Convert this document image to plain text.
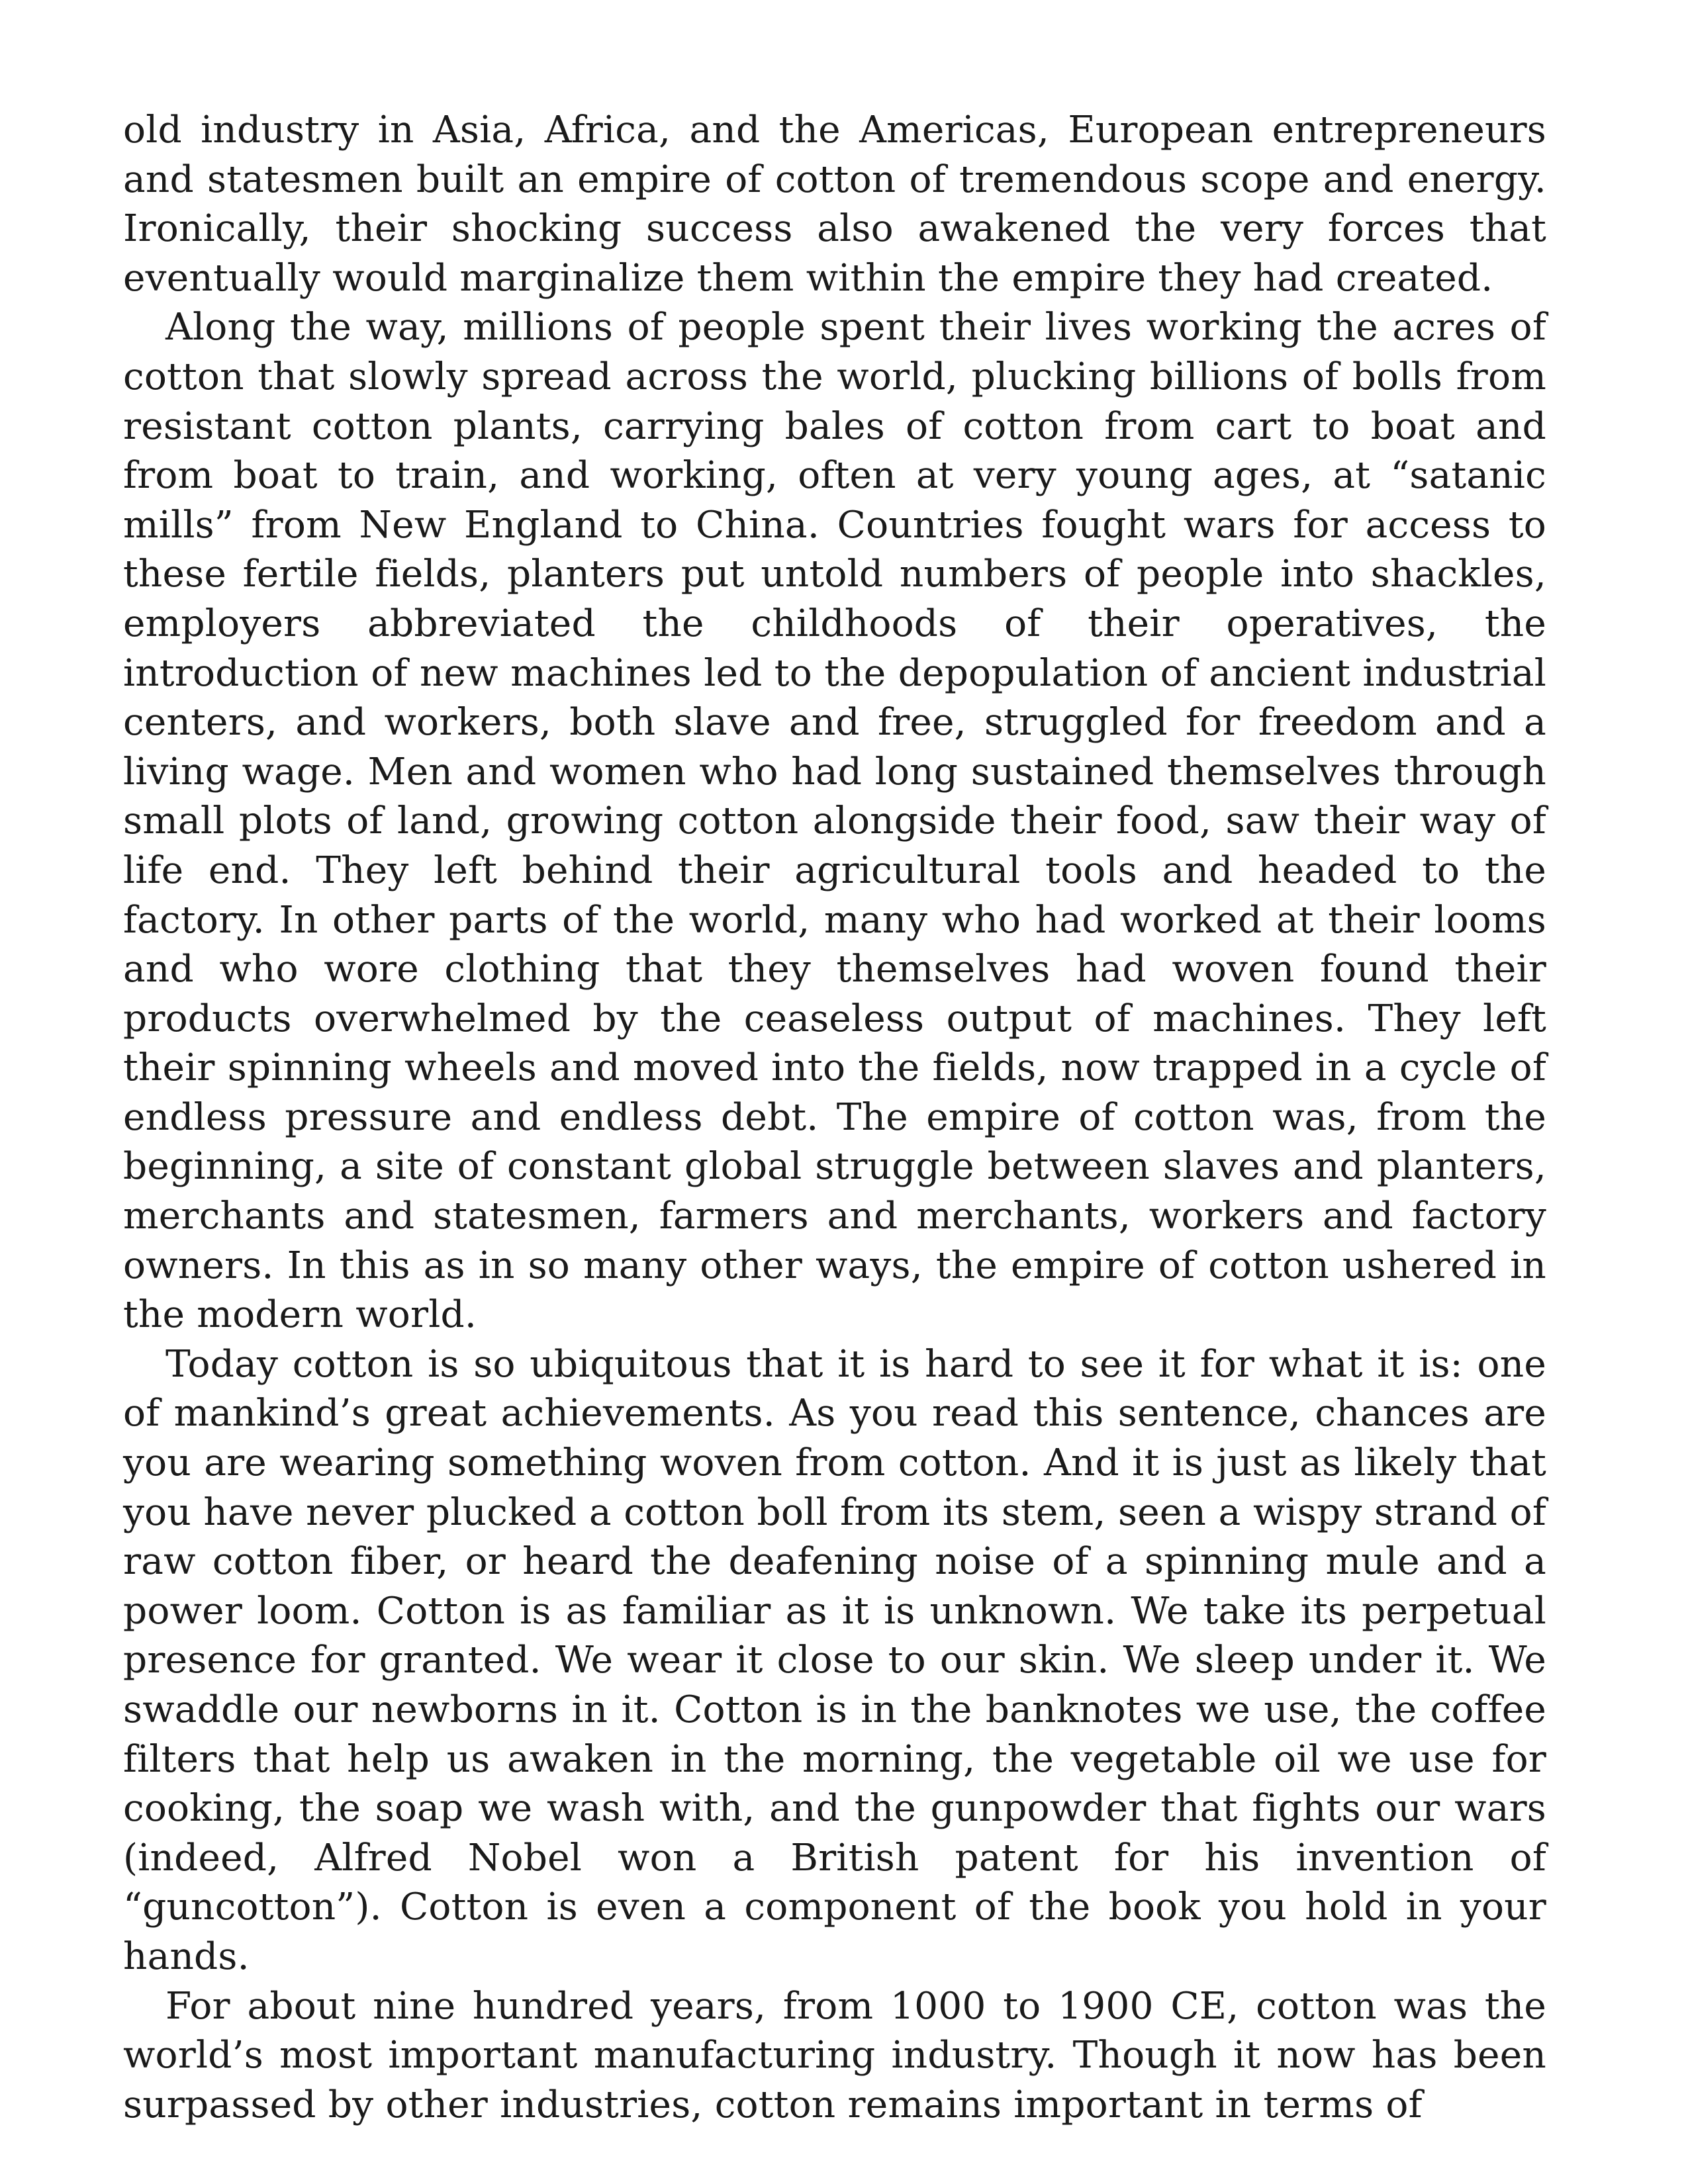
old industry in Asia, Africa, and the Americas, European entrepreneurs and statesmen built an empire of cotton of tremendous scope and energy. Ironically, their shocking success also awakened the very forces that eventually would marginalize them within the empire they had created.

Along the way, millions of people spent their lives working the acres of cotton that slowly spread across the world, plucking billions of bolls from resistant cotton plants, carrying bales of cotton from cart to boat and from boat to train, and working, often at very young ages, at “satanic mills” from New England to China. Countries fought wars for access to these fertile fields, planters put untold numbers of people into shackles, employers abbreviated the childhoods of their operatives, the introduction of new machines led to the depopulation of ancient industrial centers, and workers, both slave and free, struggled for freedom and a living wage. Men and women who had long sustained themselves through small plots of land, growing cotton alongside their food, saw their way of life end. They left behind their agricultural tools and headed to the factory. In other parts of the world, many who had worked at their looms and who wore clothing that they themselves had woven found their products overwhelmed by the ceaseless output of machines. They left their spinning wheels and moved into the fields, now trapped in a cycle of endless pressure and endless debt. The empire of cotton was, from the beginning, a site of constant global struggle between slaves and planters, merchants and statesmen, farmers and merchants, workers and factory owners. In this as in so many other ways, the empire of cotton ushered in the modern world.

Today cotton is so ubiquitous that it is hard to see it for what it is: one of mankind’s great achievements. As you read this sentence, chances are you are wearing something woven from cotton. And it is just as likely that you have never plucked a cotton boll from its stem, seen a wispy strand of raw cotton fiber, or heard the deafening noise of a spinning mule and a power loom. Cotton is as familiar as it is unknown. We take its perpetual presence for granted. We wear it close to our skin. We sleep under it. We swaddle our newborns in it. Cotton is in the banknotes we use, the coffee filters that help us awaken in the morning, the vegetable oil we use for cooking, the soap we wash with, and the gunpowder that fights our wars (indeed, Alfred Nobel won a British patent for his invention of “guncotton”). Cotton is even a component of the book you hold in your hands.

For about nine hundred years, from 1000 to 1900 CE, cotton was the world’s most important manufacturing industry. Though it now has been surpassed by other industries, cotton remains important in terms of
